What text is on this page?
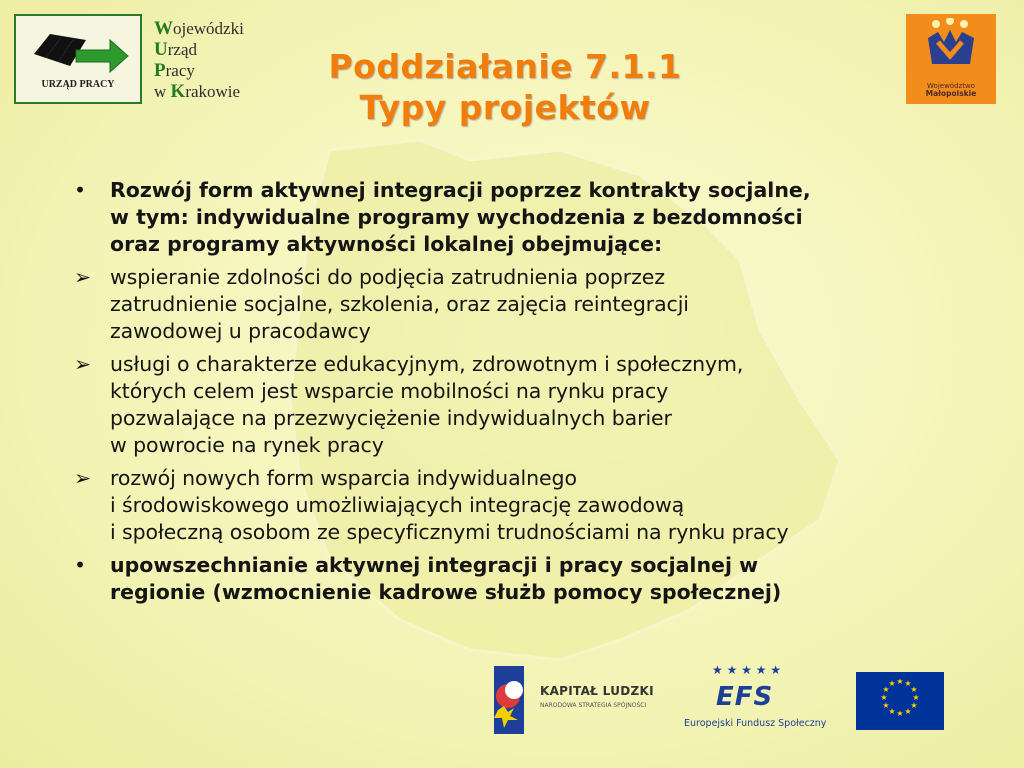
URZĄD PRACY
Wojewódzki
Urząd
Pracy
w Krakowie
Poddziałanie 7.1.1
Typy projektów
Województwo
Małopolskie
•	Rozwój form aktywnej integracji poprzez kontrakty socjalne,
w tym: indywidualne programy wychodzenia z bezdomności
oraz programy aktywności lokalnej obejmujące:
➢ wspieranie zdolności do podjęcia zatrudnienia poprzez
zatrudnienie socjalne, szkolenia, oraz zajęcia reintegracji
zawodowej u pracodawcy
➢ usługi o charakterze edukacyjnym, zdrowotnym i społecznym,
których celem jest wsparcie mobilności na rynku pracy
pozwalające na przezwyciężenie indywidualnych barier
w powrocie na rynek pracy
➢ rozwój nowych form wsparcia indywidualnego
i środowiskowego umożliwiających integrację zawodową
i społeczną osobom ze specyficznymi trudnościami na rynku pracy
•	upowszechnianie aktywnej integracji i pracy socjalnej w
regionie (wzmocnienie kadrowe służb pomocy społecznej)
KAPITAŁ LUDZKI
NARODOWA STRATEGIA SPÓJNOŚCI
★ ★ ★ ★ ★
EFS
Europejski Fundusz Społeczny
★ ★
★
★
★
★
★
★
★
★
★
★
